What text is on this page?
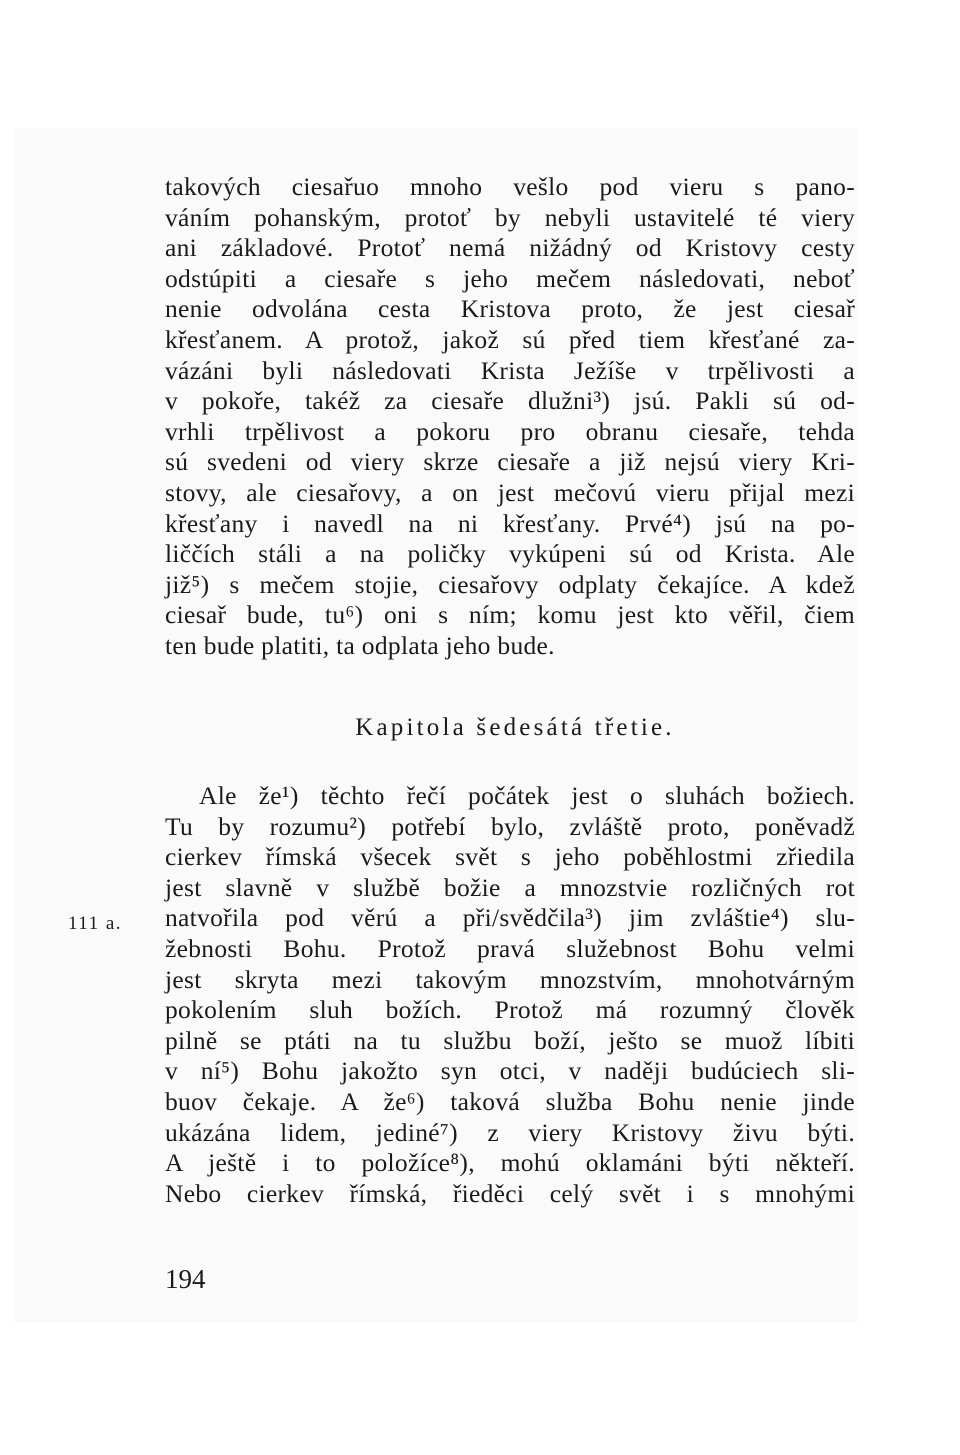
takových ciesařuo mnoho vešlo pod vieru s pano-
váním pohanským, protoť by nebyli ustavitelé té viery
ani základové. Protoť nemá nižádný od Kristovy cesty
odstúpiti a ciesaře s jeho mečem následovati, neboť
nenie odvolána cesta Kristova proto, že jest ciesař
křesťanem. A protož, jakož sú před tiem křesťané za-
vázáni byli následovati Krista Ježíše v trpělivosti a
v pokoře, takéž za ciesaře dlužni³) jsú. Pakli sú od-
vrhli trpělivost a pokoru pro obranu ciesaře, tehda
sú svedeni od viery skrze ciesaře a již nejsú viery Kri-
stovy, ale ciesařovy, a on jest mečovú vieru přijal mezi
křesťany i navedl na ni křesťany. Prvé⁴) jsú na po-
liččích stáli a na poličky vykúpeni sú od Krista. Ale
již⁵) s mečem stojie, ciesařovy odplaty čekajíce. A kdež
ciesař bude, tu⁶) oni s ním; komu jest kto věřil, čiem
ten bude platiti, ta odplata jeho bude.
Kapitola šedesátá třetie.
Ale že¹) těchto řečí počátek jest o sluhách božiech.
Tu by rozumu²) potřebí bylo, zvláště proto, poněvadž
cierkev římská všecek svět s jeho poběhlostmi zřiedila
jest slavně v službě božie a mnozstvie rozličných rot
natvořila pod věrú a při/svědčila³) jim zvláštie⁴) slu-
žebnosti Bohu. Protož pravá služebnost Bohu velmi
jest skryta mezi takovým mnozstvím, mnohotvárným
pokolením sluh božích. Protož má rozumný člověk
pilně se ptáti na tu službu boží, ješto se muož líbiti
v ní⁵) Bohu jakožto syn otci, v naději budúciech sli-
buov čekaje. A že⁶) taková služba Bohu nenie jinde
ukázána lidem, jediné⁷) z viery Kristovy živu býti.
A ještě i to položíce⁸), mohú oklamáni býti někteří.
Nebo cierkev římská, řieděci celý svět i s mnohými
111 a.
194
